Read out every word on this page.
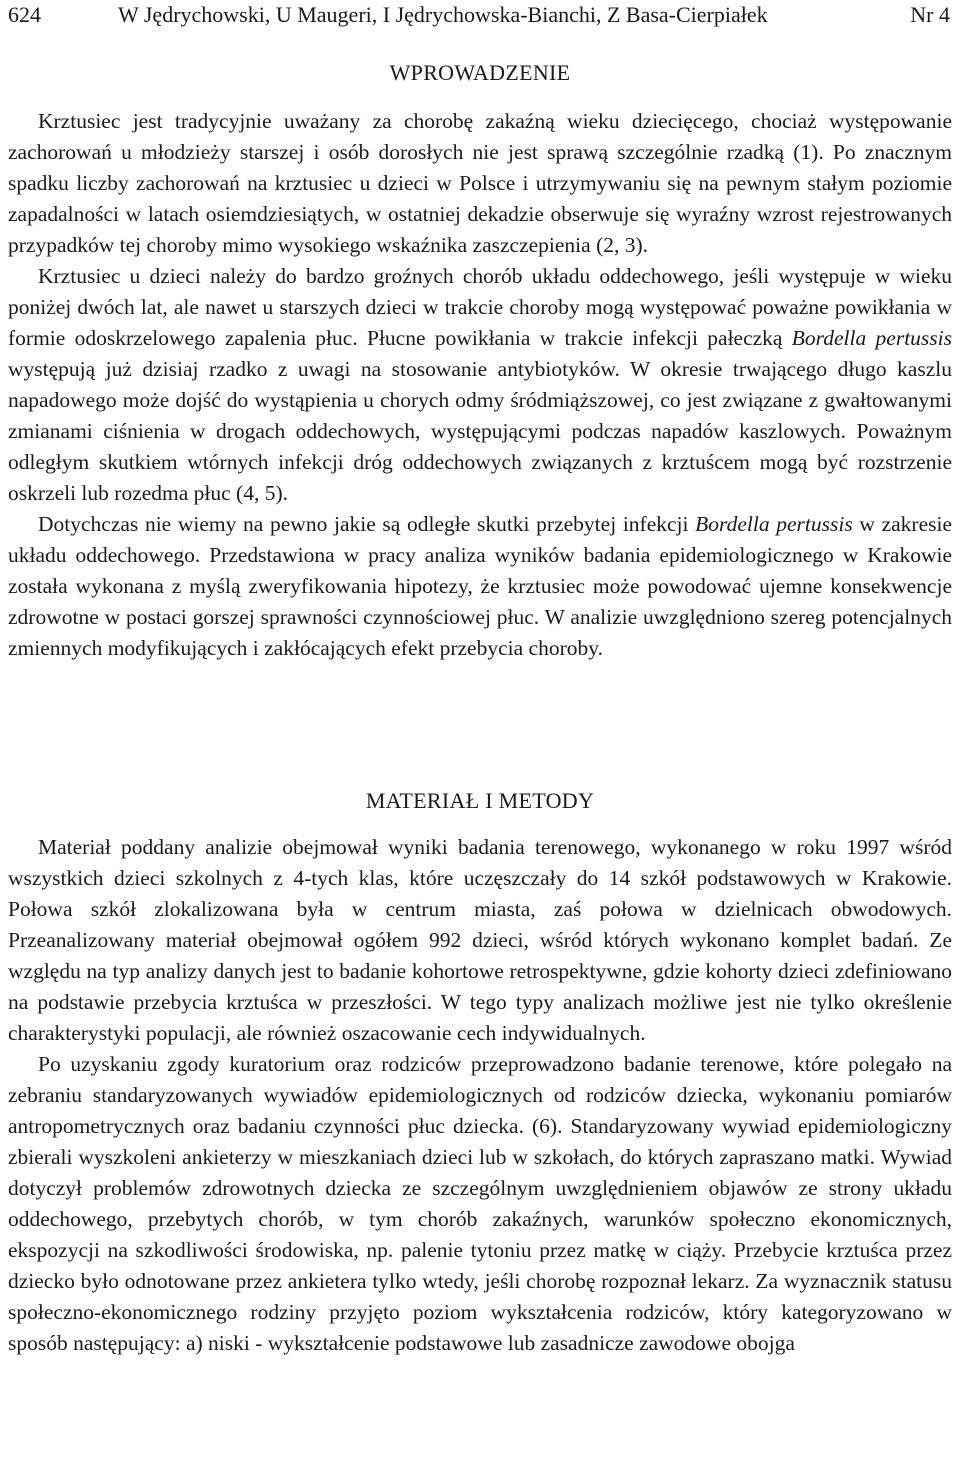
624	W Jędrychowski, U Maugeri, I Jędrychowska-Bianchi, Z Basa-Cierpiałek	Nr 4
WPROWADZENIE

Krztusiec jest tradycyjnie uważany za chorobę zakaźną wieku dziecięcego, chociaż występowanie zachorowań u młodzieży starszej i osób dorosłych nie jest sprawą szczególnie rzadką (1). Po znacznym spadku liczby zachorowań na krztusiec u dzieci w Polsce i utrzymywaniu się na pewnym stałym poziomie zapadalności w latach osiemdziesiątych, w ostatniej dekadzie obserwuje się wyraźny wzrost rejestrowanych przypadków tej choroby mimo wysokiego wskaźnika zaszczepienia (2, 3).

Krztusiec u dzieci należy do bardzo groźnych chorób układu oddechowego, jeśli występuje w wieku poniżej dwóch lat, ale nawet u starszych dzieci w trakcie choroby mogą występować poważne powikłania w formie odoskrzelowego zapalenia płuc. Płucne powikłania w trakcie infekcji pałeczką Bordella pertussis występują już dzisiaj rzadko z uwagi na stosowanie antybiotyków. W okresie trwającego długo kaszlu napadowego może dojść do wystąpienia u chorych odmy śródmiąższowej, co jest związane z gwałtowanymi zmianami ciśnienia w drogach oddechowych, występującymi podczas napadów kaszlowych. Poważnym odległym skutkiem wtórnych infekcji dróg oddechowych związanych z krztuścem mogą być rozstrzenie oskrzeli lub rozedma płuc (4, 5).

Dotychczas nie wiemy na pewno jakie są odległe skutki przebytej infekcji Bordella pertussis w zakresie układu oddechowego. Przedstawiona w pracy analiza wyników badania epidemiologicznego w Krakowie została wykonana z myślą zweryfikowania hipotezy, że krztusiec może powodować ujemne konsekwencje zdrowotne w postaci gorszej sprawności czynnościowej płuc. W analizie uwzględniono szereg potencjalnych zmiennych modyfikujących i zakłócających efekt przebycia choroby.

MATERIAŁ I METODY

Materiał poddany analizie obejmował wyniki badania terenowego, wykonanego w roku 1997 wśród wszystkich dzieci szkolnych z 4-tych klas, które uczęszczały do 14 szkół podstawowych w Krakowie. Połowa szkół zlokalizowana była w centrum miasta, zaś połowa w dzielnicach obwodowych. Przeanalizowany materiał obejmował ogółem 992 dzieci, wśród których wykonano komplet badań. Ze względu na typ analizy danych jest to badanie kohortowe retrospektywne, gdzie kohorty dzieci zdefiniowano na podstawie przebycia krztuśca w przeszłości. W tego typy analizach możliwe jest nie tylko określenie charakterystyki populacji, ale również oszacowanie cech indywidualnych.

Po uzyskaniu zgody kuratorium oraz rodziców przeprowadzono badanie terenowe, które polegało na zebraniu standaryzowanych wywiadów epidemiologicznych od rodziców dziecka, wykonaniu pomiarów antropometrycznych oraz badaniu czynności płuc dziecka. (6). Standaryzowany wywiad epidemiologiczny zbierali wyszkoleni ankieterzy w mieszkaniach dzieci lub w szkołach, do których zapraszano matki. Wywiad dotyczył problemów zdrowotnych dziecka ze szczególnym uwzględnieniem objawów ze strony układu oddechowego, przebytych chorób, w tym chorób zakaźnych, warunków społeczno ekonomicznych, ekspozycji na szkodliwości środowiska, np. palenie tytoniu przez matkę w ciąży. Przebycie krztuśca przez dziecko było odnotowane przez ankietera tylko wtedy, jeśli chorobę rozpoznał lekarz. Za wyznacznik statusu społeczno-ekonomicznego rodziny przyjęto poziom wykształcenia rodziców, który kategoryzowano w sposób następujący: a) niski - wykształcenie podstawowe lub zasadnicze zawodowe obojga
